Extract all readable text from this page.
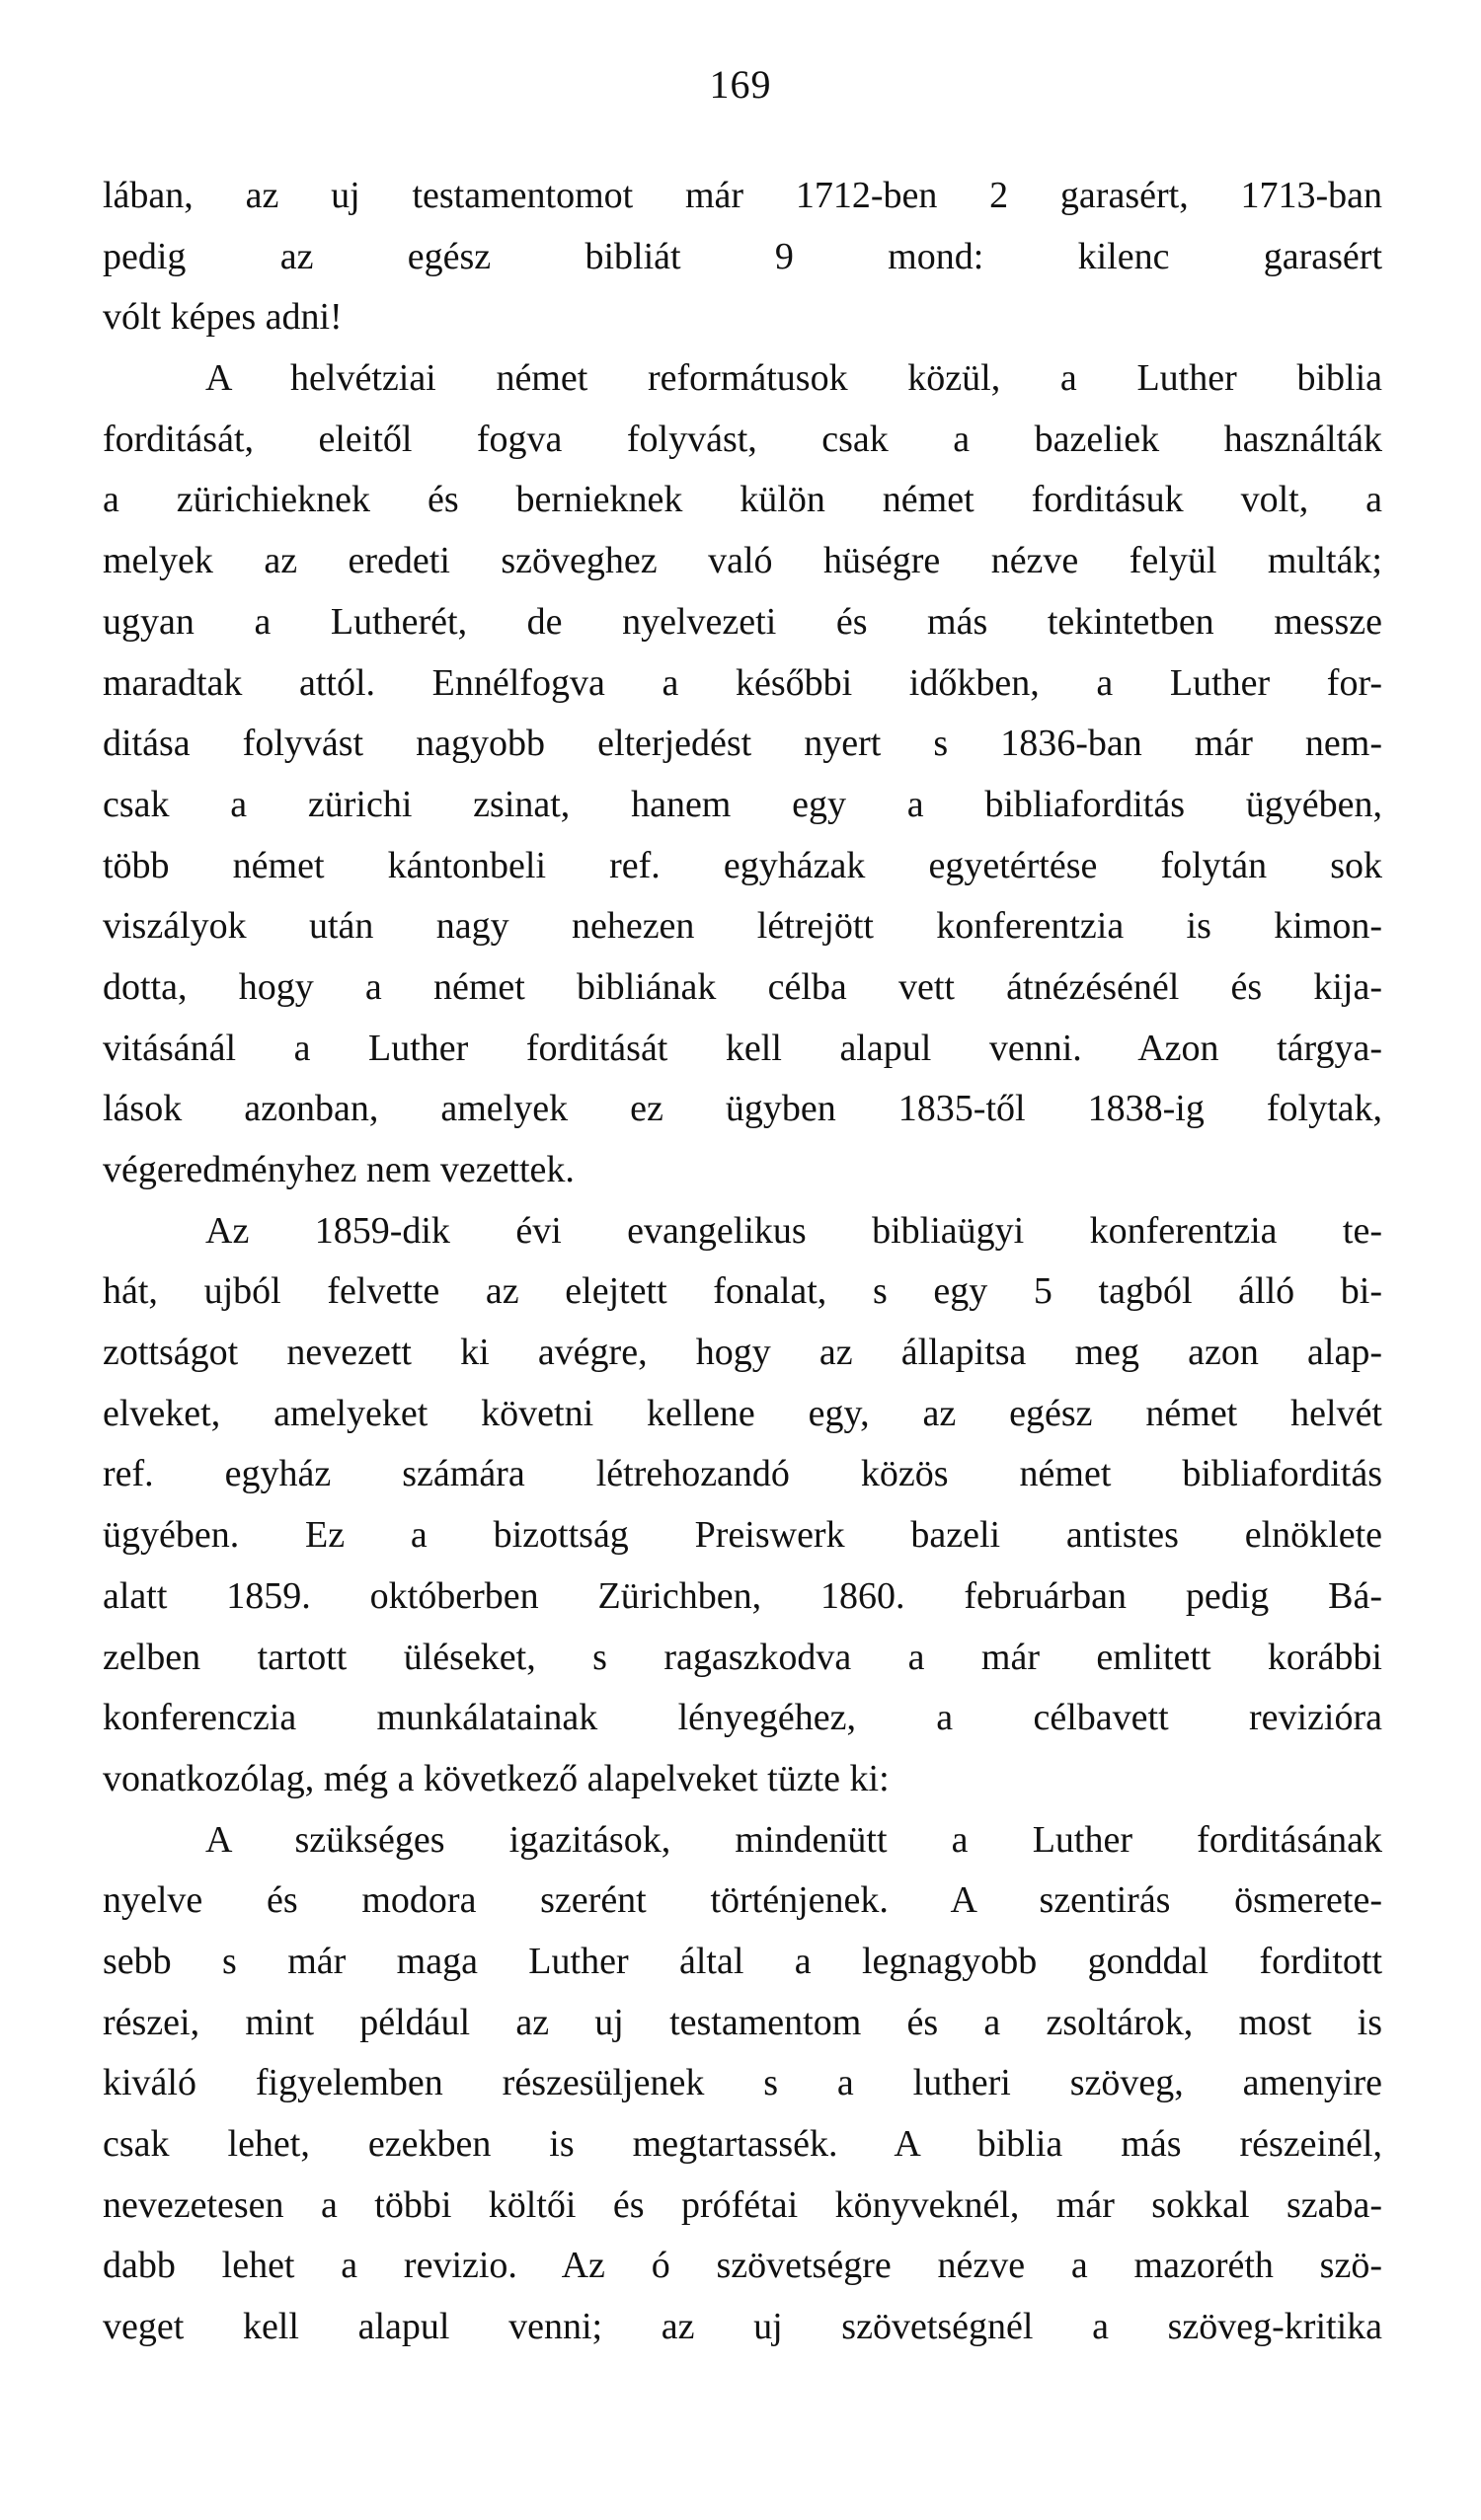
169
lában, az uj testamentomot már 1712-ben 2 garasért, 1713-ban
pedig az egész bibliát 9 mond: kilenc garasért
vólt képes adni!
A helvétziai német reformátusok közül, a Luther biblia
forditását, eleitől fogva folyvást, csak a bazeliek használták
a zürichieknek és bernieknek külön német forditásuk volt, a
melyek az eredeti szöveghez való hüségre nézve felyül multák;
ugyan a Lutherét, de nyelvezeti és más tekintetben messze
maradtak attól. Ennélfogva a későbbi időkben, a Luther for-
ditása folyvást nagyobb elterjedést nyert s 1836-ban már nem-
csak a zürichi zsinat, hanem egy a bibliaforditás ügyében,
több német kántonbeli ref. egyházak egyetértése folytán sok
viszályok után nagy nehezen létrejött konferentzia is kimon-
dotta, hogy a német bibliának célba vett átnézésénél és kija-
vitásánál a Luther forditását kell alapul venni. Azon tárgya-
lások azonban, amelyek ez ügyben 1835-től 1838-ig folytak,
végeredményhez nem vezettek.
Az 1859-dik évi evangelikus bibliaügyi konferentzia te-
hát, ujból felvette az elejtett fonalat, s egy 5 tagból álló bi-
zottságot nevezett ki avégre, hogy az állapitsa meg azon alap-
elveket, amelyeket követni kellene egy, az egész német helvét
ref. egyház számára létrehozandó közös német bibliaforditás
ügyében. Ez a bizottság Preiswerk bazeli antistes elnöklete
alatt 1859. októberben Zürichben, 1860. februárban pedig Bá-
zelben tartott üléseket, s ragaszkodva a már emlitett korábbi
konferenczia munkálatainak lényegéhez, a célbavett revizióra
vonatkozólag, még a következő alapelveket tüzte ki:
A szükséges igazitások, mindenütt a Luther forditásának
nyelve és modora szerént történjenek. A szentirás ösmerete-
sebb s már maga Luther által a legnagyobb gonddal forditott
részei, mint például az uj testamentom és a zsoltárok, most is
kiváló figyelemben részesüljenek s a lutheri szöveg, amenyire
csak lehet, ezekben is megtartassék. A biblia más részeinél,
nevezetesen a többi költői és prófétai könyveknél, már sokkal szaba-
dabb lehet a revizio. Az ó szövetségre nézve a mazoréth szö-
veget kell alapul venni; az uj szövetségnél a szöveg-kritika
